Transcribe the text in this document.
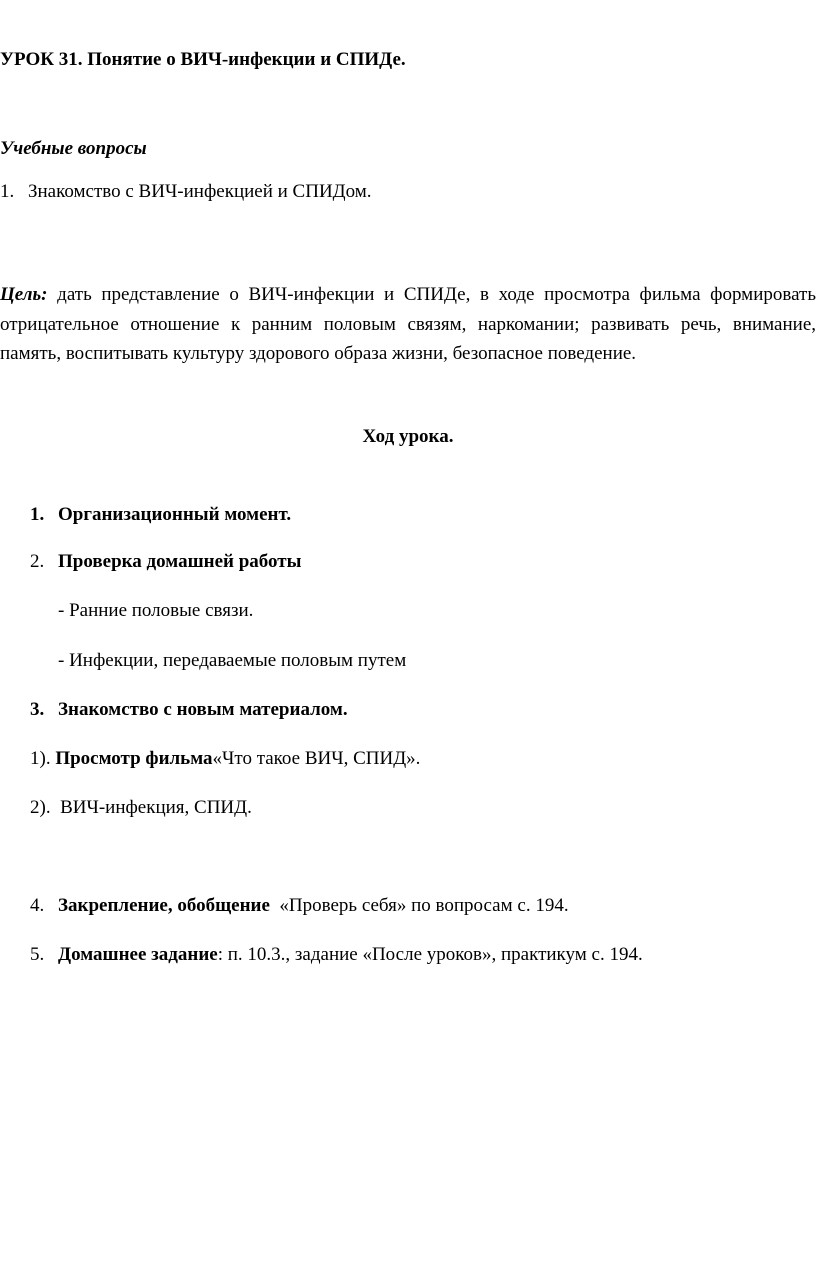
УРОК 31. Понятие о ВИЧ-инфекции и СПИДе.
Учебные вопросы
1. Знакомство с ВИЧ-инфекцией и СПИДом.
Цель: дать представление о ВИЧ-инфекции и СПИДе, в ходе просмотра фильма формировать отрицательное отношение к ранним половым связям, наркомании; развивать речь, внимание, память, воспитывать культуру здорового образа жизни, безопасное поведение.
Ход урока.
1. Организационный момент.
2. Проверка домашней работы
- Ранние половые связи.
- Инфекции, передаваемые половым путем
3. Знакомство с новым материалом.
1). Просмотр фильма«Что такое ВИЧ, СПИД».
2). ВИЧ-инфекция, СПИД.
4. Закрепление, обобщение «Проверь себя» по вопросам с. 194.
5. Домашнее задание: п. 10.3., задание «После уроков», практикум с. 194.
